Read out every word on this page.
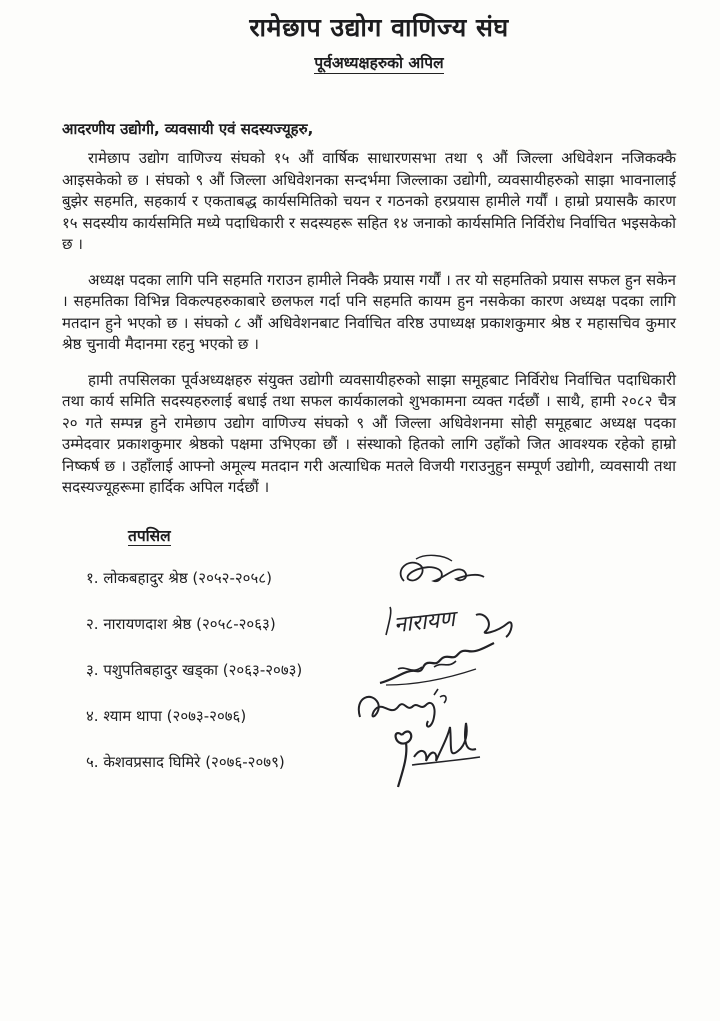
रामेछाप उद्योग वाणिज्य संघ
पूर्वअध्यक्षहरुको अपिल
आदरणीय उद्योगी, व्यवसायी एवं सदस्यज्यूहरु,

रामेछाप उद्योग वाणिज्य संघको १५ औं वार्षिक साधारणसभा तथा ९ औं जिल्ला अधिवेशन नजिकक्कै आइसकेको छ । संघको ९ औं जिल्ला अधिवेशनका सन्दर्भमा जिल्लाका उद्योगी, व्यवसायीहरुको साझा भावनालाई बुझेर सहमति, सहकार्य र एकताबद्ध कार्यसमितिको चयन र गठनको हरप्रयास हामीले गर्यौं । हाम्रो प्रयासकै कारण १५ सदस्यीय कार्यसमिति मध्ये पदाधिकारी र सदस्यहरू सहित १४ जनाको कार्यसमिति निर्विरोध निर्वाचित भइसकेको छ ।

अध्यक्ष पदका लागि पनि सहमति गराउन हामीले निक्कै प्रयास गर्यौं । तर यो सहमतिको प्रयास सफल हुन सकेन । सहमतिका विभिन्न विकल्पहरुकाबारे छलफल गर्दा पनि सहमति कायम हुन नसकेका कारण अध्यक्ष पदका लागि मतदान हुने भएको छ । संघको ८ औं अधिवेशनबाट निर्वाचित वरिष्ठ उपाध्यक्ष प्रकाशकुमार श्रेष्ठ र महासचिव कुमार श्रेष्ठ चुनावी मैदानमा रहनु भएको छ ।

हामी तपसिलका पूर्वअध्यक्षहरु संयुक्त उद्योगी व्यवसायीहरुको साझा समूहबाट निर्विरोध निर्वाचित पदाधिकारी तथा कार्य समिति सदस्यहरुलाई बधाई तथा सफल कार्यकालको शुभकामना व्यक्त गर्दछौं । साथै, हामी २०८२ चैत्र २० गते सम्पन्न हुने रामेछाप उद्योग वाणिज्य संघको ९ औं जिल्ला अधिवेशनमा सोही समूहबाट अध्यक्ष पदका उम्मेदवार प्रकाशकुमार श्रेष्ठको पक्षमा उभिएका छौं । संस्थाको हितको लागि उहाँको जित आवश्यक रहेको हाम्रो निष्कर्ष छ । उहाँलाई आफ्नो अमूल्य मतदान गरी अत्याधिक मतले विजयी गराउनुहुन सम्पूर्ण उद्योगी, व्यवसायी तथा सदस्यज्यूहरूमा हार्दिक अपिल गर्दछौं ।

तपसिल
१. लोकबहादुर श्रेष्ठ (२०५२-२०५८)
२. नारायणदाश श्रेष्ठ (२०५८-२०६३)	नारायण
३. पशुपतिबहादुर खड्का (२०६३-२०७३)
४. श्याम थापा (२०७३-२०७६)
५. केशवप्रसाद घिमिरे (२०७६-२०७९)
